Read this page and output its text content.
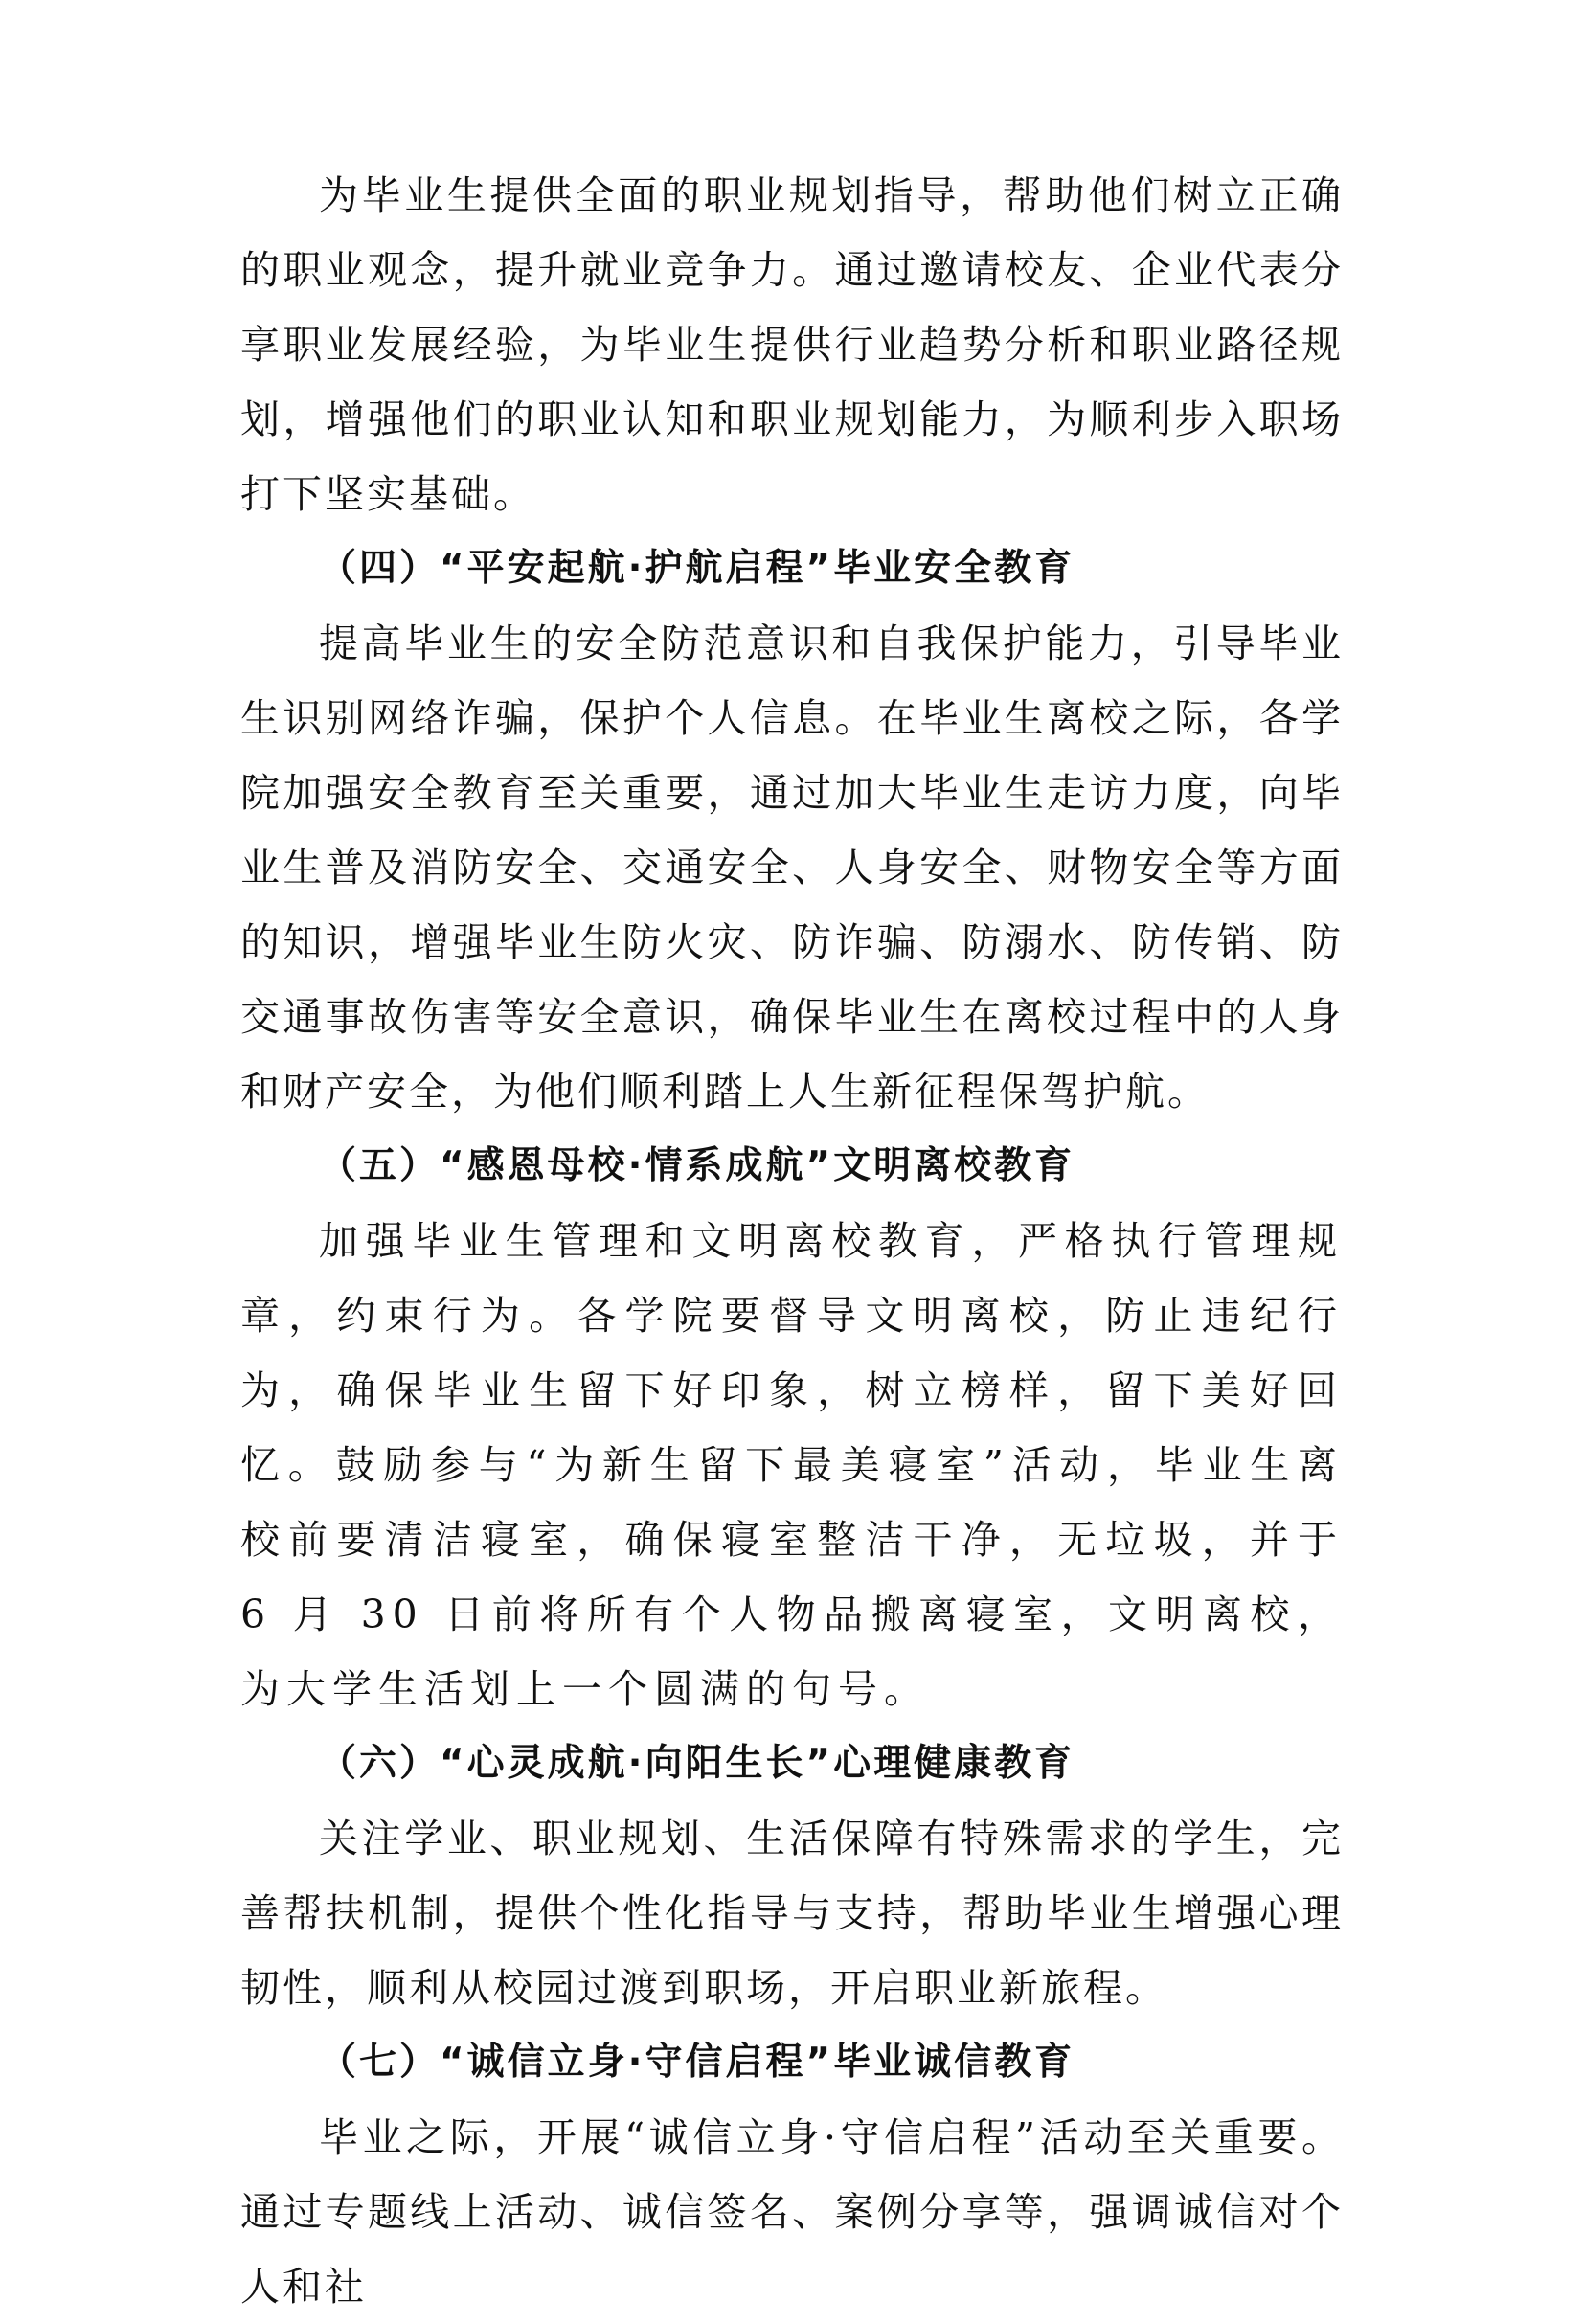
为毕业生提供全面的职业规划指导，帮助他们树立正确的职业观念，提升就业竞争力。通过邀请校友、企业代表分享职业发展经验，为毕业生提供行业趋势分析和职业路径规划，增强他们的职业认知和职业规划能力，为顺利步入职场打下坚实基础。

（四）“平安起航·护航启程”毕业安全教育

提高毕业生的安全防范意识和自我保护能力，引导毕业生识别网络诈骗，保护个人信息。在毕业生离校之际，各学院加强安全教育至关重要，通过加大毕业生走访力度，向毕业生普及消防安全、交通安全、人身安全、财物安全等方面的知识，增强毕业生防火灾、防诈骗、防溺水、防传销、防交通事故伤害等安全意识，确保毕业生在离校过程中的人身和财产安全，为他们顺利踏上人生新征程保驾护航。

（五）“感恩母校·情系成航”文明离校教育

加强毕业生管理和文明离校教育，严格执行管理规章，约束行为。各学院要督导文明离校，防止违纪行为，确保毕业生留下好印象，树立榜样，留下美好回忆。鼓励参与“为新生留下最美寝室”活动，毕业生离校前要清洁寝室，确保寝室整洁干净，无垃圾，并于 6 月 30 日前将所有个人物品搬离寝室，文明离校，为大学生活划上一个圆满的句号。

（六）“心灵成航·向阳生长”心理健康教育

关注学业、职业规划、生活保障有特殊需求的学生，完善帮扶机制，提供个性化指导与支持，帮助毕业生增强心理韧性，顺利从校园过渡到职场，开启职业新旅程。

（七）“诚信立身·守信启程”毕业诚信教育

毕业之际，开展“诚信立身·守信启程”活动至关重要。通过专题线上活动、诚信签名、案例分享等，强调诚信对个人和社
